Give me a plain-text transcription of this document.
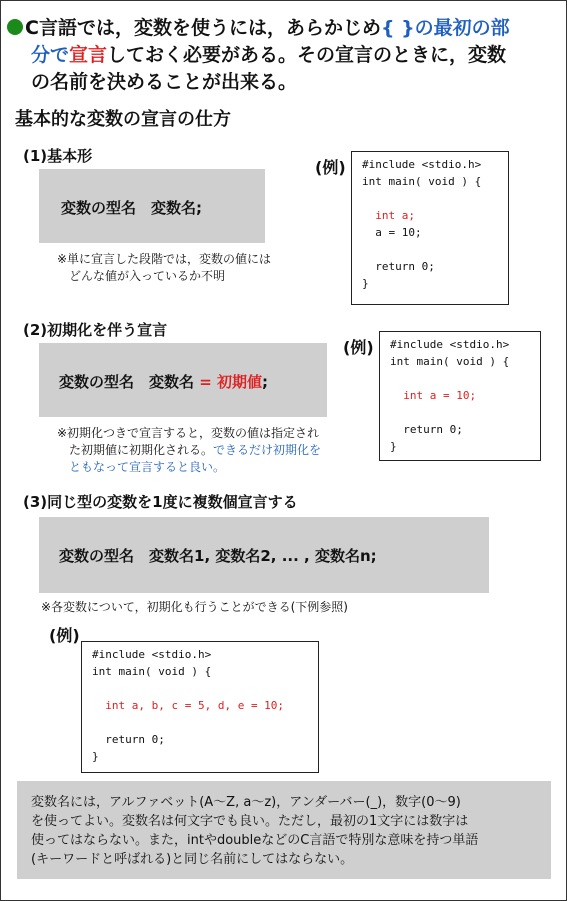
C言語では，変数を使うには，あらかじめ{ }の最初の部
分で宣言しておく必要がある。その宣言のときに，変数
の名前を決めることが出来る。
基本的な変数の宣言の仕方
(1)基本形
変数の型名　変数名;
※単に宣言した段階では，変数の値には
どんな値が入っているか不明
(例) #include <stdio.h>
int main( void ) {

int a;
a = 10;

return 0;
}
(2)初期化を伴う宣言
変数の型名　変数名 = 初期値;
※初期化つきで宣言すると，変数の値は指定され
た初期値に初期化される。できるだけ初期化を
ともなって宣言すると良い。
(例) #include <stdio.h>
int main( void ) {

int a = 10;

return 0;
}
(3)同じ型の変数を1度に複数個宣言する
変数の型名　変数名1, 変数名2, ... , 変数名n;
※各変数について，初期化も行うことができる(下例参照)
(例)
#include <stdio.h>
int main( void ) {

int a, b, c = 5, d, e = 10;

return 0;
}
変数名には，アルファベット(A〜Z, a〜z)，アンダーバー(_)，数字(0〜9)
を使ってよい。変数名は何文字でも良い。ただし，最初の1文字には数字は
使ってはならない。また，intやdoubleなどのC言語で特別な意味を持つ単語
(キーワードと呼ばれる)と同じ名前にしてはならない。
